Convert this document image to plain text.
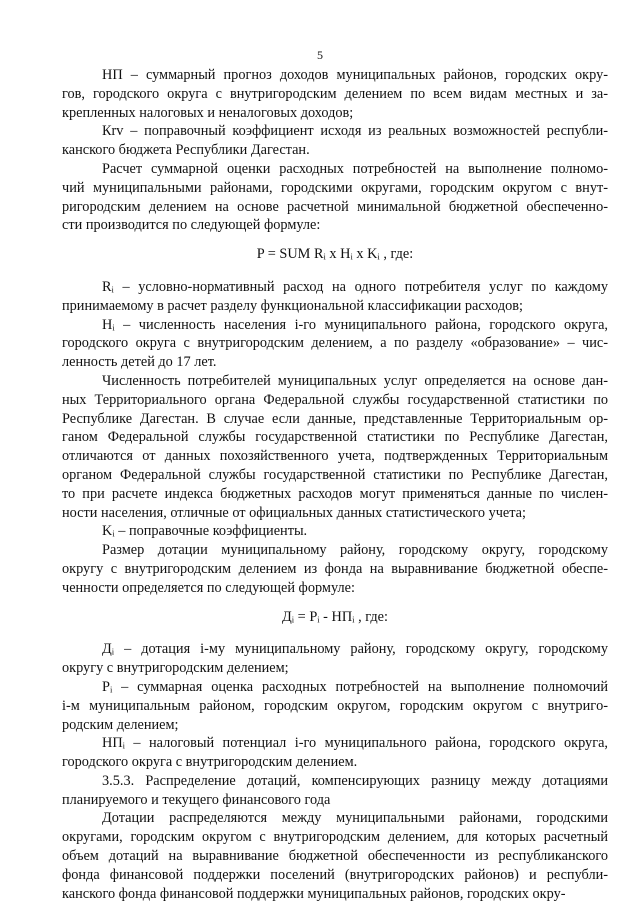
5
НП – суммарный прогноз доходов муниципальных районов, городских окру-
гов, городского округа с внутригородским делением по всем видам местных и за-
крепленных налоговых и неналоговых доходов;
Кrv – поправочный коэффициент исходя из реальных возможностей республи-
канского бюджета Республики Дагестан.
Расчет суммарной оценки расходных потребностей на выполнение полномо-
чий муниципальными районами, городскими округами, городским округом с внут-
ригородским делением на основе расчетной минимальной бюджетной обеспеченно-
сти производится по следующей формуле:
P = SUM Rᵢ x Hᵢ x Kᵢ , где:
Rᵢ – условно-нормативный расход на одного потребителя услуг по каждому
принимаемому в расчет разделу функциональной классификации расходов;
Hᵢ – численность населения i-го муниципального района, городского округа,
городского округа с внутригородским делением, а по разделу «образование» – чис-
ленность детей до 17 лет.
Численность потребителей муниципальных услуг определяется на основе дан-
ных Территориального органа Федеральной службы государственной статистики по
Республике Дагестан. В случае если данные, представленные Территориальным ор-
ганом Федеральной службы государственной статистики по Республике Дагестан,
отличаются от данных похозяйственного учета, подтвержденных Территориальным
органом Федеральной службы государственной статистики по Республике Дагестан,
то при расчете индекса бюджетных расходов могут применяться данные по числен-
ности населения, отличные от официальных данных статистического учета;
Kᵢ – поправочные коэффициенты.
Размер дотации муниципальному району, городскому округу, городскому
округу с внутригородским делением из фонда на выравнивание бюджетной обеспе-
ченности определяется по следующей формуле:
Дᵢ = Pᵢ - НПᵢ , где:
Дᵢ – дотация i-му муниципальному району, городскому округу, городскому
округу с внутригородским делением;
Pᵢ – суммарная оценка расходных потребностей на выполнение полномочий
i-м муниципальным районом, городским округом, городским округом с внутригo-
родским делением;
НПᵢ – налоговый потенциал i-го муниципального района, городского округа,
городского округа с внутригородским делением.
3.5.3. Распределение дотаций, компенсирующих разницу между дотациями
планируемого и текущего финансового года
Дотации распределяются между муниципальными районами, городскими
округами, городским округом с внутригородским делением, для которых расчетный
объем дотаций на выравнивание бюджетной обеспеченности из республиканского
фонда финансовой поддержки поселений (внутригородских районов) и республи-
канского фонда финансовой поддержки муниципальных районов, городских окру-
